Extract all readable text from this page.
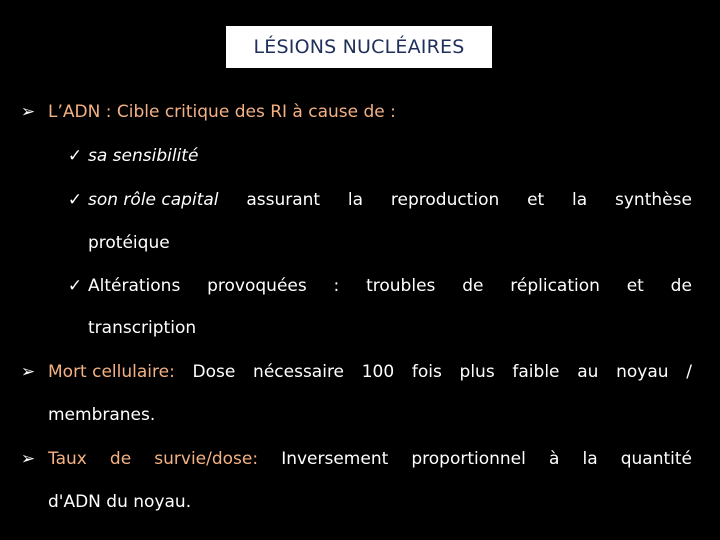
LÉSIONS NUCLÉAIRES
➢ L’ADN : Cible critique des RI à cause de :
✓ sa sensibilité
✓ son rôle capital assurant la reproduction et la synthèse
protéique
✓ Altérations provoquées : troubles de réplication et de
transcription
➢ Mort cellulaire: Dose nécessaire 100 fois plus faible au noyau /
membranes.
➢ Taux de survie/dose: Inversement proportionnel à la quantité
d'ADN du noyau.
